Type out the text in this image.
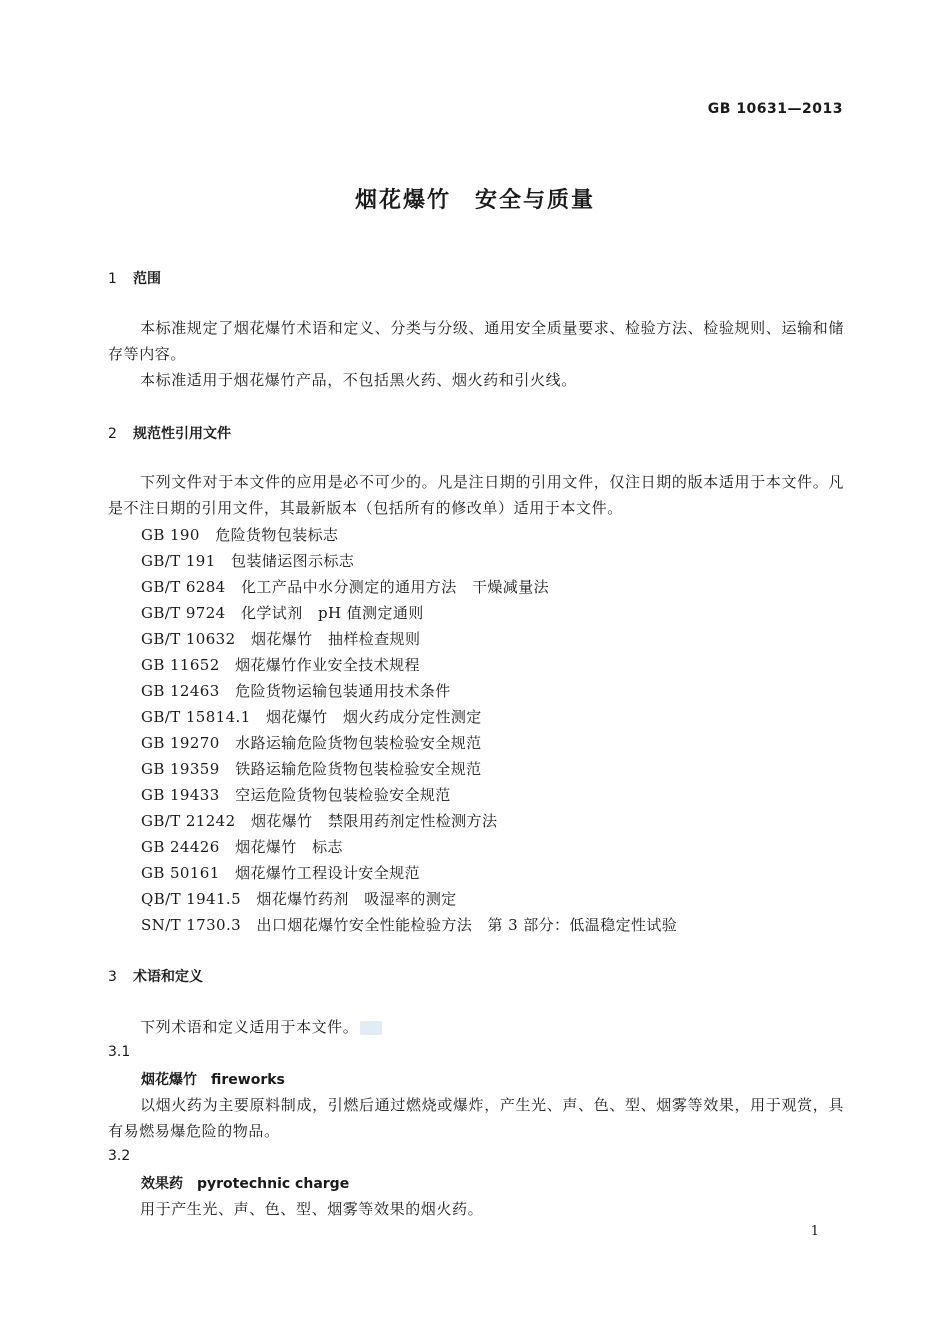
GB 10631—2013
烟花爆竹　安全与质量
1 范围
本标准规定了烟花爆竹术语和定义、分类与分级、通用安全质量要求、检验方法、检验规则、运输和储存等内容。
本标准适用于烟花爆竹产品，不包括黑火药、烟火药和引火线。
2 规范性引用文件
下列文件对于本文件的应用是必不可少的。凡是注日期的引用文件，仅注日期的版本适用于本文件。凡是不注日期的引用文件，其最新版本（包括所有的修改单）适用于本文件。
GB 190　危险货物包装标志
GB/T 191　包装储运图示标志
GB/T 6284　化工产品中水分测定的通用方法　干燥减量法
GB/T 9724　化学试剂　pH 值测定通则
GB/T 10632　烟花爆竹　抽样检查规则
GB 11652　烟花爆竹作业安全技术规程
GB 12463　危险货物运输包装通用技术条件
GB/T 15814.1　烟花爆竹　烟火药成分定性测定
GB 19270　水路运输危险货物包装检验安全规范
GB 19359　铁路运输危险货物包装检验安全规范
GB 19433　空运危险货物包装检验安全规范
GB/T 21242　烟花爆竹　禁限用药剂定性检测方法
GB 24426　烟花爆竹　标志
GB 50161　烟花爆竹工程设计安全规范
QB/T 1941.5　烟花爆竹药剂　吸湿率的测定
SN/T 1730.3　出口烟花爆竹安全性能检验方法　第 3 部分：低温稳定性试验
3 术语和定义
下列术语和定义适用于本文件。
3.1
烟花爆竹　fireworks
以烟火药为主要原料制成，引燃后通过燃烧或爆炸，产生光、声、色、型、烟雾等效果，用于观赏，具有易燃易爆危险的物品。
3.2
效果药　pyrotechnic charge
用于产生光、声、色、型、烟雾等效果的烟火药。
1
